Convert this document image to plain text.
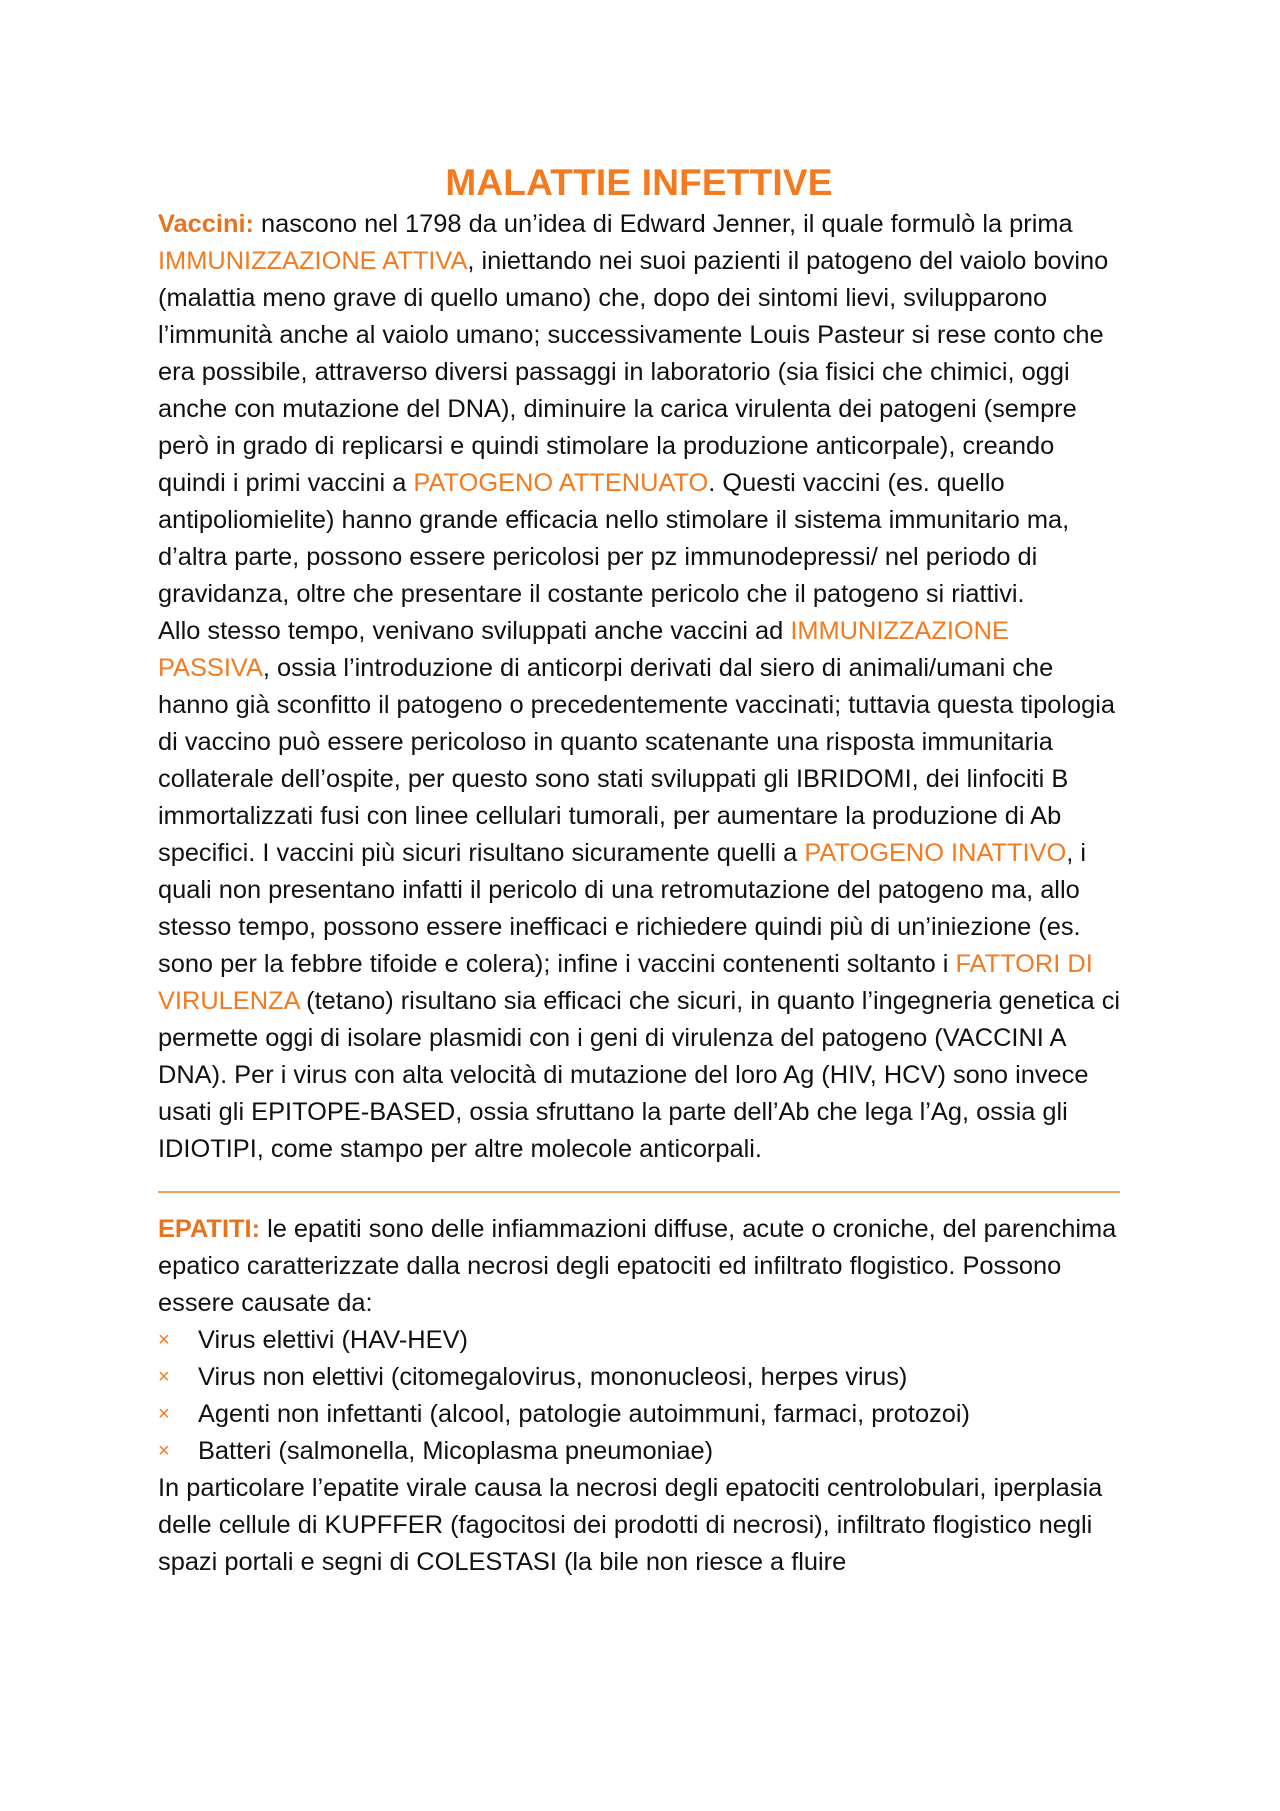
MALATTIE INFETTIVE

Vaccini: nascono nel 1798 da un’idea di Edward Jenner, il quale formulò la prima IMMUNIZZAZIONE ATTIVA, iniettando nei suoi pazienti il patogeno del vaiolo bovino (malattia meno grave di quello umano) che, dopo dei sintomi lievi, svilupparono l’immunità anche al vaiolo umano; successivamente Louis Pasteur si rese conto che era possibile, attraverso diversi passaggi in laboratorio (sia fisici che chimici, oggi anche con mutazione del DNA), diminuire la carica virulenta dei patogeni (sempre però in grado di replicarsi e quindi stimolare la produzione anticorpale), creando quindi i primi vaccini a PATOGENO ATTENUATO. Questi vaccini (es. quello antipoliomielite) hanno grande efficacia nello stimolare il sistema immunitario ma, d’altra parte, possono essere pericolosi per pz immunodepressi/ nel periodo di gravidanza, oltre che presentare il costante pericolo che il patogeno si riattivi.

Allo stesso tempo, venivano sviluppati anche vaccini ad IMMUNIZZAZIONE PASSIVA, ossia l’introduzione di anticorpi derivati dal siero di animali/umani che hanno già sconfitto il patogeno o precedentemente vaccinati; tuttavia questa tipologia di vaccino può essere pericoloso in quanto scatenante una risposta immunitaria collaterale dell’ospite, per questo sono stati sviluppati gli IBRIDOMI, dei linfociti B immortalizzati fusi con linee cellulari tumorali, per aumentare la produzione di Ab specifici. I vaccini più sicuri risultano sicuramente quelli a PATOGENO INATTIVO, i quali non presentano infatti il pericolo di una retromutazione del patogeno ma, allo stesso tempo, possono essere inefficaci e richiedere quindi più di un’iniezione (es. sono per la febbre tifoide e colera); infine i vaccini contenenti soltanto i FATTORI DI VIRULENZA (tetano) risultano sia efficaci che sicuri, in quanto l’ingegneria genetica ci permette oggi di isolare plasmidi con i geni di virulenza del patogeno (VACCINI A DNA). Per i virus con alta velocità di mutazione del loro Ag (HIV, HCV) sono invece usati gli EPITOPE-BASED, ossia sfruttano la parte dell’Ab che lega l’Ag, ossia gli IDIOTIPI, come stampo per altre molecole anticorpali.

EPATITI: le epatiti sono delle infiammazioni diffuse, acute o croniche, del parenchima epatico caratterizzate dalla necrosi degli epatociti ed infiltrato flogistico. Possono essere causate da:

×	Virus elettivi (HAV-HEV)
×	Virus non elettivi (citomegalovirus, mononucleosi, herpes virus)
×	Agenti non infettanti (alcool, patologie autoimmuni, farmaci, protozoi)
×	Batteri (salmonella, Micoplasma pneumoniae)

In particolare l’epatite virale causa la necrosi degli epatociti centrolobulari, iperplasia delle cellule di KUPFFER (fagocitosi dei prodotti di necrosi), infiltrato flogistico negli spazi portali e segni di COLESTASI (la bile non riesce a fluire
